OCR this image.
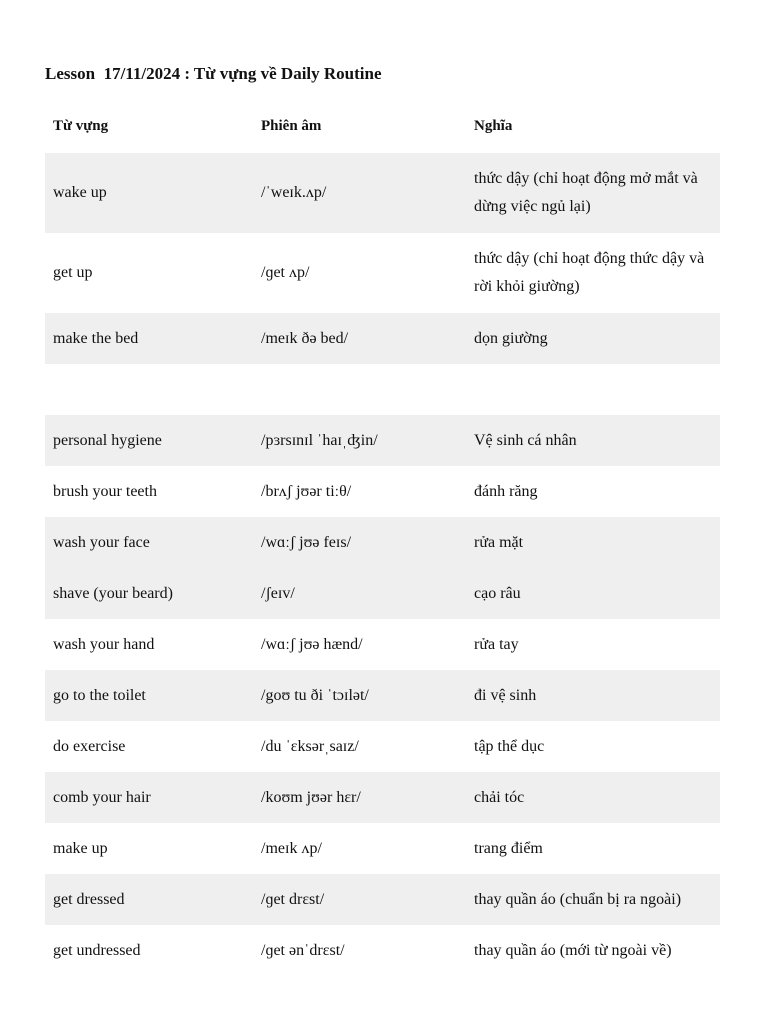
Lesson  17/11/2024 : Từ vựng về Daily Routine
Từ vựng	Phiên âm	Nghĩa
wake up	/ˈweɪk.ʌp/	thức dậy (chỉ hoạt động mở mắt và dừng việc ngủ lại)
get up	/ɡet ʌp/	thức dậy (chỉ hoạt động thức dậy và rời khỏi giường)
make the bed	/meɪk ðə bed/	dọn giường

personal hygiene	/pɜrsɪnɪl ˈhaɪˌʤin/	Vệ sinh cá nhân
brush your teeth	/brʌʃ jʊər tiːθ/	đánh răng
wash your face	/wɑːʃ jʊə feɪs/	rửa mặt
shave (your beard)	/ʃeɪv/	cạo râu
wash your hand	/wɑːʃ jʊə hænd/	rửa tay
go to the toilet	/goʊ tu ði ˈtɔɪlət/	đi vệ sinh
do exercise	/du ˈɛksərˌsaɪz/	tập thể dục
comb your hair	/koʊm jʊər hɛr/	chải tóc
make up	/meɪk ʌp/	trang điểm
get dressed	/ɡet drɛst/	thay quần áo (chuẩn bị ra ngoài)
get undressed	/ɡet ənˈdrɛst/	thay quần áo (mới từ ngoài về)
